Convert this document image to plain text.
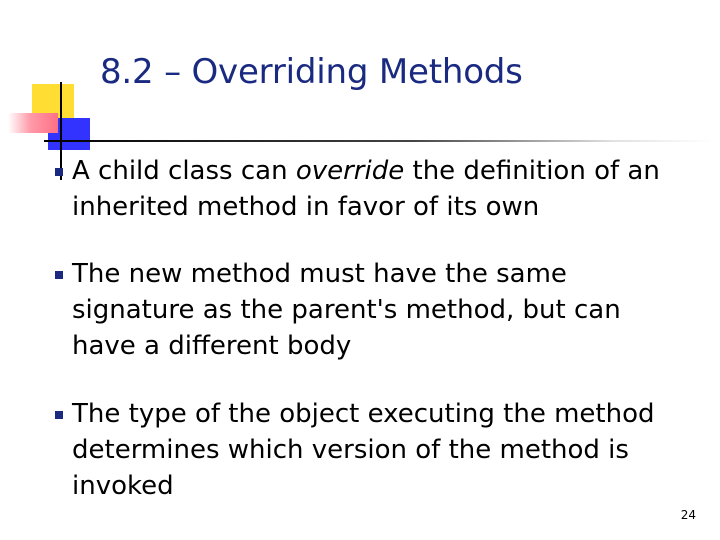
8.2 – Overriding Methods
A child class can override the definition of an inherited method in favor of its own
The new method must have the same signature as the parent's method, but can have a different body
The type of the object executing the method determines which version of the method is invoked
24
